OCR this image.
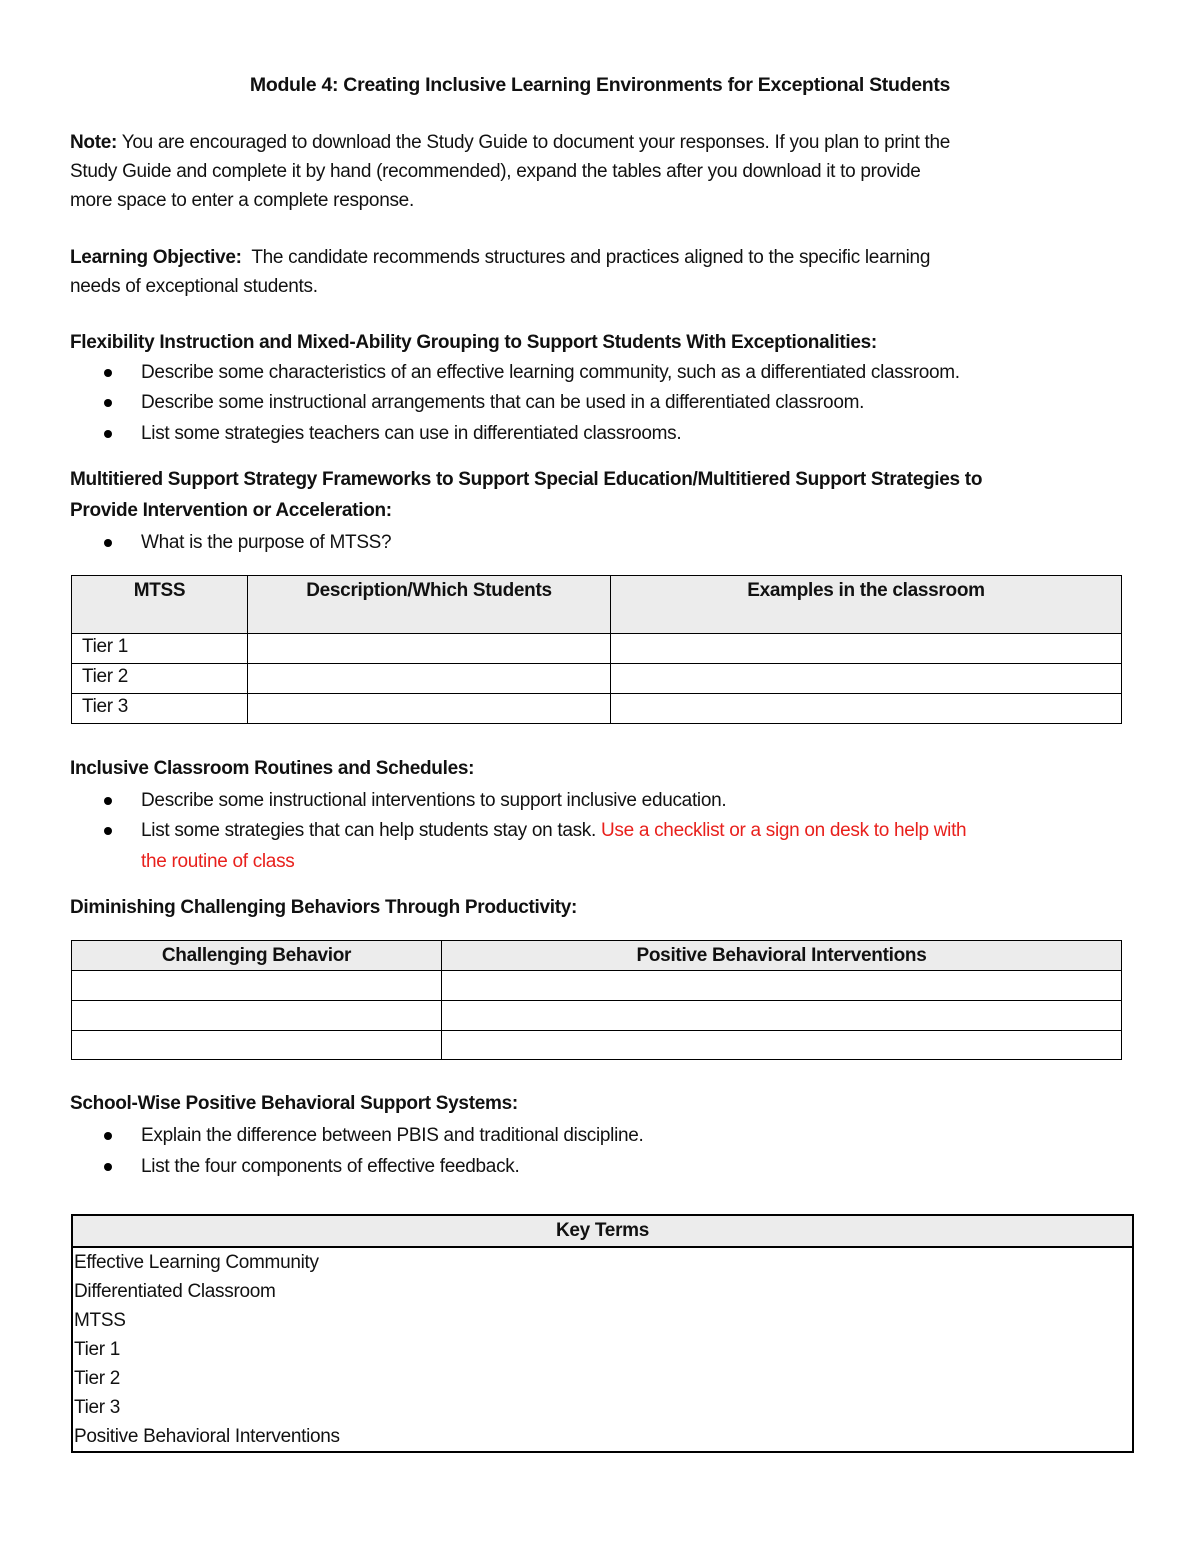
Module 4: Creating Inclusive Learning Environments for Exceptional Students
Note: You are encouraged to download the Study Guide to document your responses. If you plan to print the
Study Guide and complete it by hand (recommended), expand the tables after you download it to provide
more space to enter a complete response.
Learning Objective: The candidate recommends structures and practices aligned to the specific learning
needs of exceptional students.
Flexibility Instruction and Mixed-Ability Grouping to Support Students With Exceptionalities:
Describe some characteristics of an effective learning community, such as a differentiated classroom.
Describe some instructional arrangements that can be used in a differentiated classroom.
List some strategies teachers can use in differentiated classrooms.
Multitiered Support Strategy Frameworks to Support Special Education/Multitiered Support Strategies to
Provide Intervention or Acceleration:
What is the purpose of MTSS?
MTSS	Description/Which Students	Examples in the classroom
Tier 1		
Tier 2		
Tier 3		
Inclusive Classroom Routines and Schedules:
Describe some instructional interventions to support inclusive education.
List some strategies that can help students stay on task. Use a checklist or a sign on desk to help with
the routine of class
Diminishing Challenging Behaviors Through Productivity:
Challenging Behavior	Positive Behavioral Interventions

School-Wise Positive Behavioral Support Systems:
Explain the difference between PBIS and traditional discipline.
List the four components of effective feedback.
Key Terms
Effective Learning Community
Differentiated Classroom
MTSS
Tier 1
Tier 2
Tier 3
Positive Behavioral Interventions
